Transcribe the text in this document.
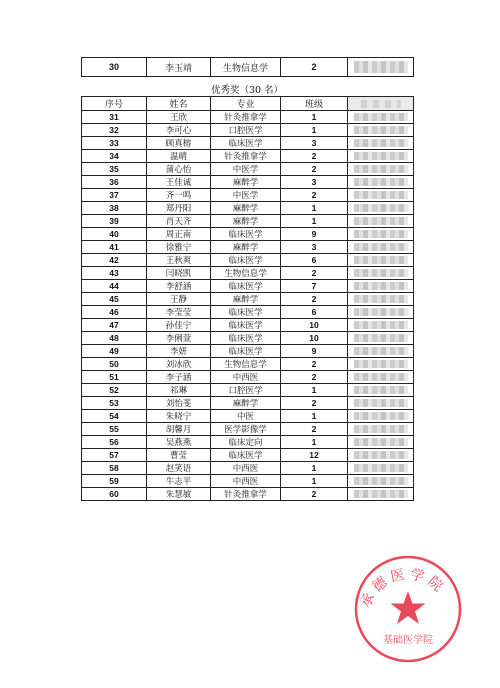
30	李玉靖	生物信息学	2	
优秀奖（30 名）
序号	姓名	专业	班级	

31	王欣	针灸推拿学	1	

32	李可心	口腔医学	1	

33	顾真榕	临床医学	3	

34	温晴	针灸推拿学	2	

35	蒲心怡	中医学	2	

36	王佳诚	麻醉学	3	

37	齐一鸣	中医学	2	

38	郑丹阳	麻醉学	1	

39	肖天齐	麻醉学	1	

40	周正南	临床医学	9	

41	徐雅宁	麻醉学	3	

42	王秋爽	临床医学	6	

43	闫晓凯	生物信息学	2	

44	李舒涵	临床医学	7	

45	王静	麻醉学	2	

46	李莹莹	临床医学	6	

47	孙佳宁	临床医学	10	

48	李俐萱	临床医学	10	

49	李妍	临床医学	9	

50	刘冰欣	生物信息学	2	

51	李子涵	中西医	2	

52	祁琳	口腔医学	1	

53	刘怡斐	麻醉学	2	

54	朱晓宁	中医	1	

55	胡馨月	医学影像学	2	

56	吴燕燕	临床定向	1	

57	曹莹	临床医学	12	

58	赵笑语	中西医	1	

59	牛志平	中西医	1	

60	朱慧敏	针灸推拿学	2	
承德医学院
基础医学院
